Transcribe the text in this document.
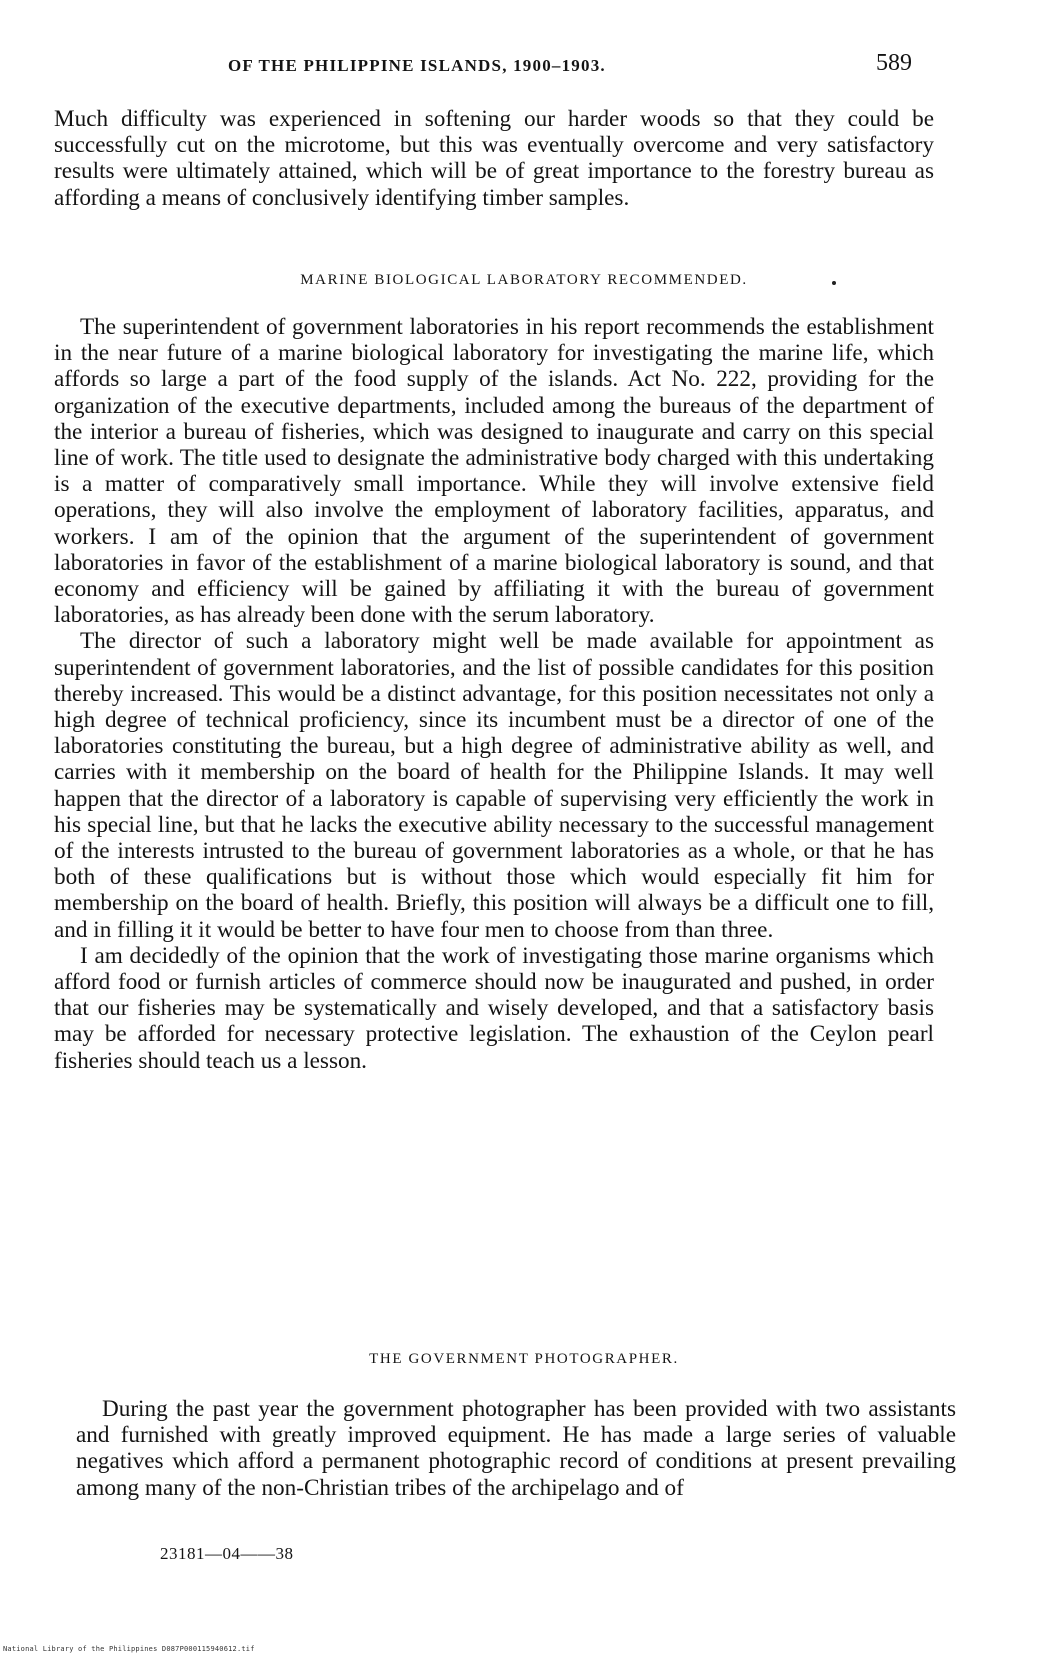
OF THE PHILIPPINE ISLANDS, 1900–1903.	589

Much difficulty was experienced in softening our harder woods so that they could be successfully cut on the microtome, but this was eventually overcome and very satisfactory results were ultimately attained, which will be of great importance to the forestry bureau as affording a means of conclusively identifying timber samples.

MARINE BIOLOGICAL LABORATORY RECOMMENDED.

The superintendent of government laboratories in his report recommends the establishment in the near future of a marine biological laboratory for investigating the marine life, which affords so large a part of the food supply of the islands. Act No. 222, providing for the organization of the executive departments, included among the bureaus of the department of the interior a bureau of fisheries, which was designed to inaugurate and carry on this special line of work. The title used to designate the administrative body charged with this undertaking is a matter of comparatively small importance. While they will involve extensive field operations, they will also involve the employment of laboratory facilities, apparatus, and workers. I am of the opinion that the argument of the superintendent of government laboratories in favor of the establishment of a marine biological laboratory is sound, and that economy and efficiency will be gained by affiliating it with the bureau of government laboratories, as has already been done with the serum laboratory.

The director of such a laboratory might well be made available for appointment as superintendent of government laboratories, and the list of possible candidates for this position thereby increased. This would be a distinct advantage, for this position necessitates not only a high degree of technical proficiency, since its incumbent must be a director of one of the laboratories constituting the bureau, but a high degree of administrative ability as well, and carries with it membership on the board of health for the Philippine Islands. It may well happen that the director of a laboratory is capable of supervising very efficiently the work in his special line, but that he lacks the executive ability necessary to the successful management of the interests intrusted to the bureau of government laboratories as a whole, or that he has both of these qualifications but is without those which would especially fit him for membership on the board of health. Briefly, this position will always be a difficult one to fill, and in filling it it would be better to have four men to choose from than three.

I am decidedly of the opinion that the work of investigating those marine organisms which afford food or furnish articles of commerce should now be inaugurated and pushed, in order that our fisheries may be systematically and wisely developed, and that a satisfactory basis may be afforded for necessary protective legislation. The exhaustion of the Ceylon pearl fisheries should teach us a lesson.

THE GOVERNMENT PHOTOGRAPHER.

During the past year the government photographer has been provided with two assistants and furnished with greatly improved equipment. He has made a large series of valuable negatives which afford a permanent photographic record of conditions at present prevailing among many of the non-Christian tribes of the archipelago and of

23181—04——38
National Library of the Philippines D087P000115940612.tif
